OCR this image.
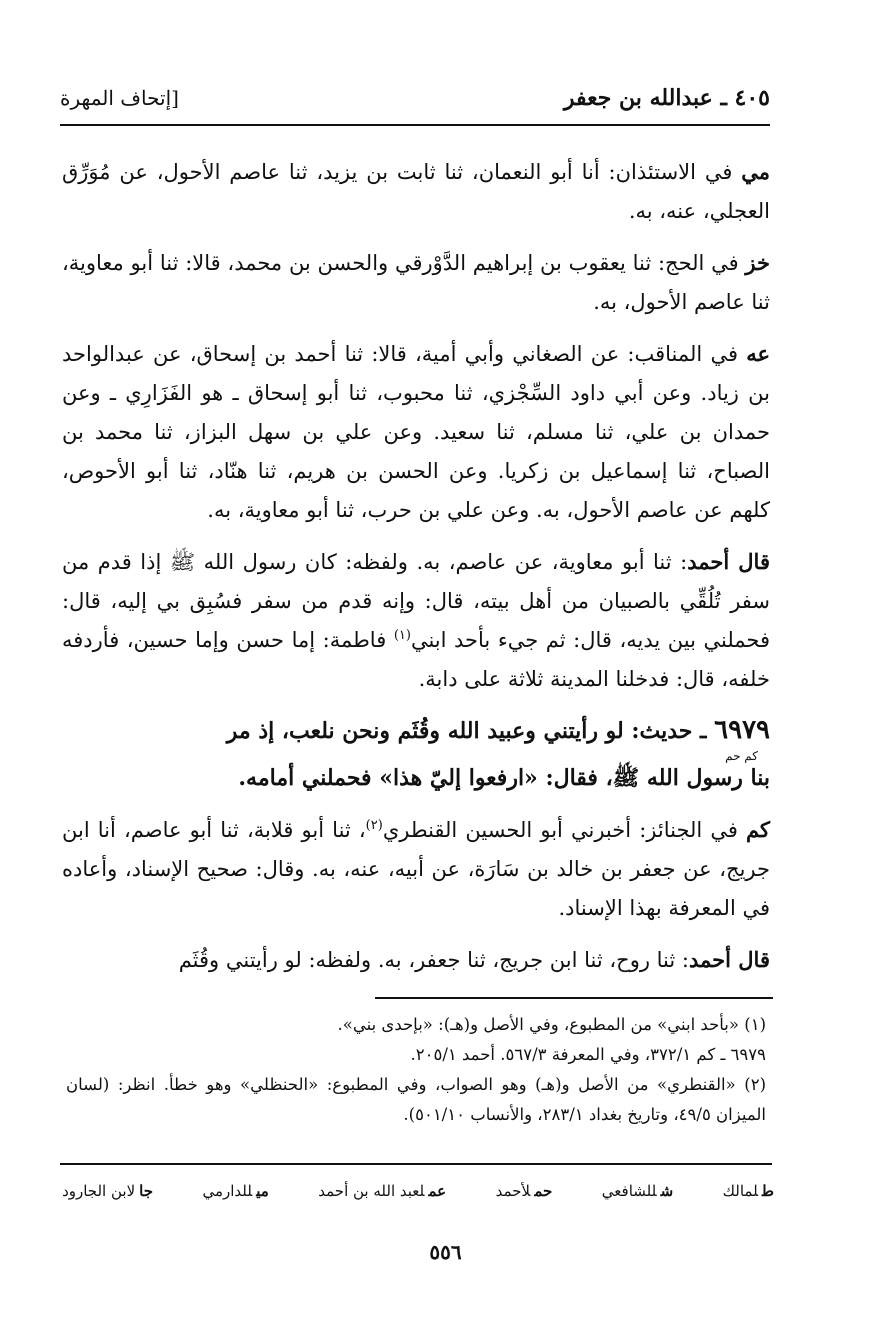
٤٠٥ ـ عبدالله بن جعفر
[إتحاف المهرة

مي في الاستئذان: أنا أبو النعمان، ثنا ثابت بن يزيد، ثنا عاصم الأحول، عن مُوَرِّق العجلي، عنه، به.

خز في الحج: ثنا يعقوب بن إبراهيم الدَّوْرقي والحسن بن محمد، قالا: ثنا أبو معاوية، ثنا عاصم الأحول، به.

عه في المناقب: عن الصغاني وأبي أمية، قالا: ثنا أحمد بن إسحاق، عن عبدالواحد بن زياد. وعن أبي داود السِّجْزي، ثنا محبوب، ثنا أبو إسحاق ـ هو الفَزَارِي ـ وعن حمدان بن علي، ثنا مسلم، ثنا سعيد. وعن علي بن سهل البزاز، ثنا محمد بن الصباح، ثنا إسماعيل بن زكريا. وعن الحسن بن هريم، ثنا هنّاد، ثنا أبو الأحوص، كلهم عن عاصم الأحول، به. وعن علي بن حرب، ثنا أبو معاوية، به.

قال أحمد: ثنا أبو معاوية، عن عاصم، به. ولفظه: كان رسول الله ﷺ إذا قدم من سفر تُلُقِّي بالصبيان من أهل بيته، قال: وإنه قدم من سفر فسُبِق بي إليه، قال: فحملني بين يديه، قال: ثم جيء بأحد ابني$^{(١)}$ فاطمة: إما حسن وإما حسين، فأردفه خلفه، قال: فدخلنا المدينة ثلاثة على دابة.

٦٩٧٩ ـ حديث: لو رأيتني وعبيد الله وقُثَم ونحن نلعب، إذ مر
كم حم
بنا رسول الله ﷺ، فقال: «ارفعوا إليّ هذا» فحملني أمامه.

كم في الجنائز: أخبرني أبو الحسين القنطري$^{(٢)}$، ثنا أبو قلابة، ثنا أبو عاصم، أنا ابن جريج، عن جعفر بن خالد بن سَارَة، عن أبيه، عنه، به. وقال: صحيح الإسناد، وأعاده في المعرفة بهذا الإسناد.

قال أحمد: ثنا روح، ثنا ابن جريج، ثنا جعفر، به. ولفظه: لو رأيتني وقُثَم

(١) «بأحد ابني» من المطبوع، وفي الأصل و(هـ): «بإحدى بني».

٦٩٧٩ ـ كم ٣٧٢/١، وفي المعرفة ٥٦٧/٣. أحمد ٢٠٥/١.

(٢) «القنطري» من الأصل و(هـ) وهو الصواب، وفي المطبوع: «الحنظلي» وهو خطأ. انظر: (لسان الميزان ٤٩/٥، وتاريخ بغداد ٢٨٣/١، والأنساب ٥٠١/١٠).

طلمالك
شللشافعي
حملأحمد
عملعبد الله بن أحمد
ميللدارمي
جالابن الجارود
٥٥٦
